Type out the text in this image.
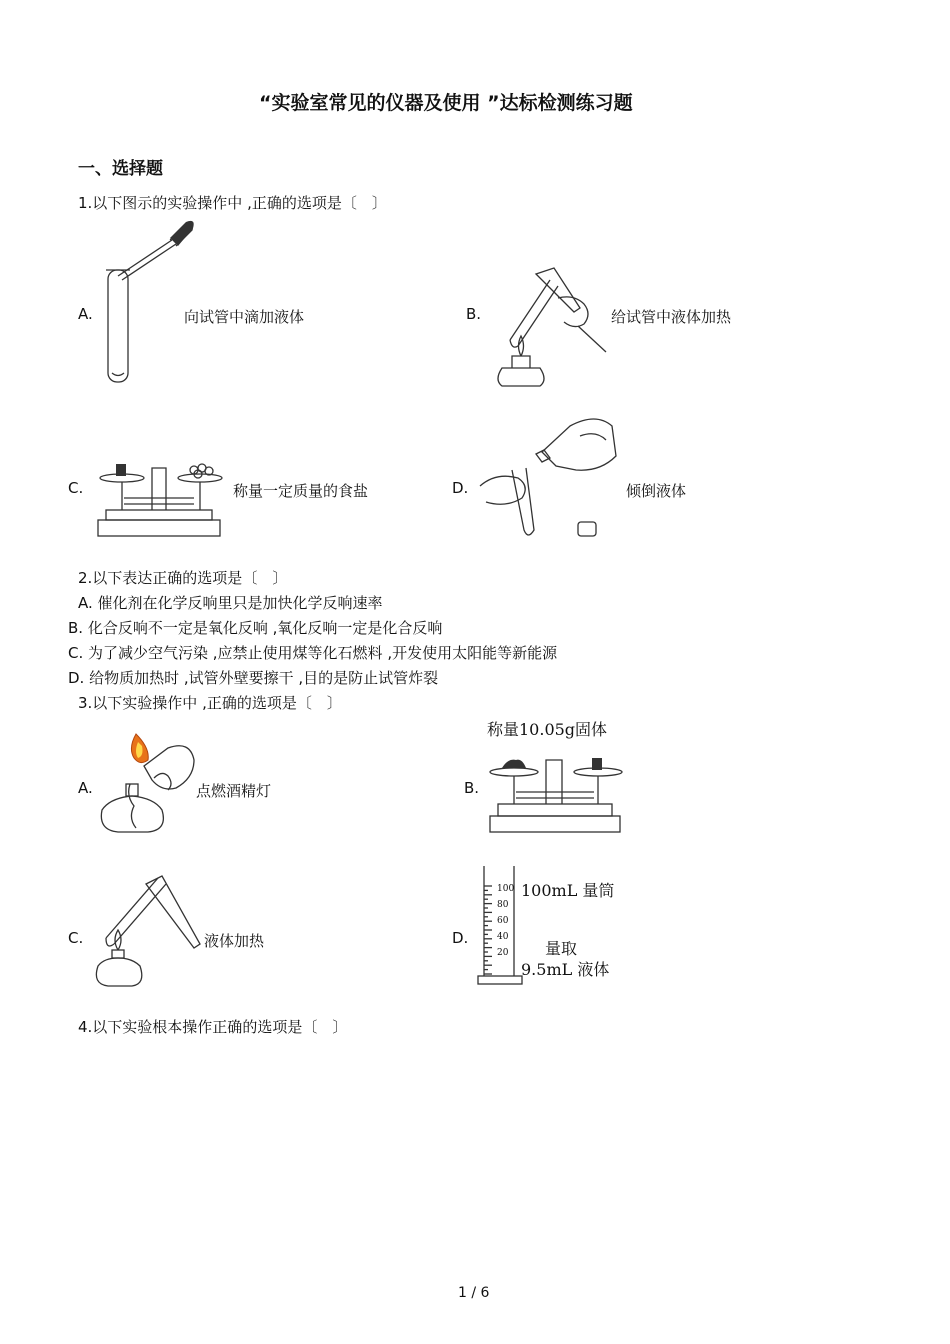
“实验室常见的仪器及使用 ”达标检测练习题
一、选择题
1.以下图示的实验操作中 ,正确的选项是〔　〕
A.	向试管中滴加液体	B.	给试管中液体加热
C.	称量一定质量的食盐	D.	倾倒液体
2.以下表达正确的选项是〔　〕
A. 催化剂在化学反响里只是加快化学反响速率
B. 化合反响不一定是氧化反响 ,氧化反响一定是化合反响
C. 为了减少空气污染 ,应禁止使用煤等化石燃料 ,开发使用太阳能等新能源
D. 给物质加热时 ,试管外壁要擦干 ,目的是防止试管炸裂
3.以下实验操作中 ,正确的选项是〔　〕
A.	点燃酒精灯	B.
称量10.05g固体
C.	液体加热	D.
100
80
60
40
20
100mL 量筒
量取
9.5mL 液体
4.以下实验根本操作正确的选项是〔　〕
1 / 6
